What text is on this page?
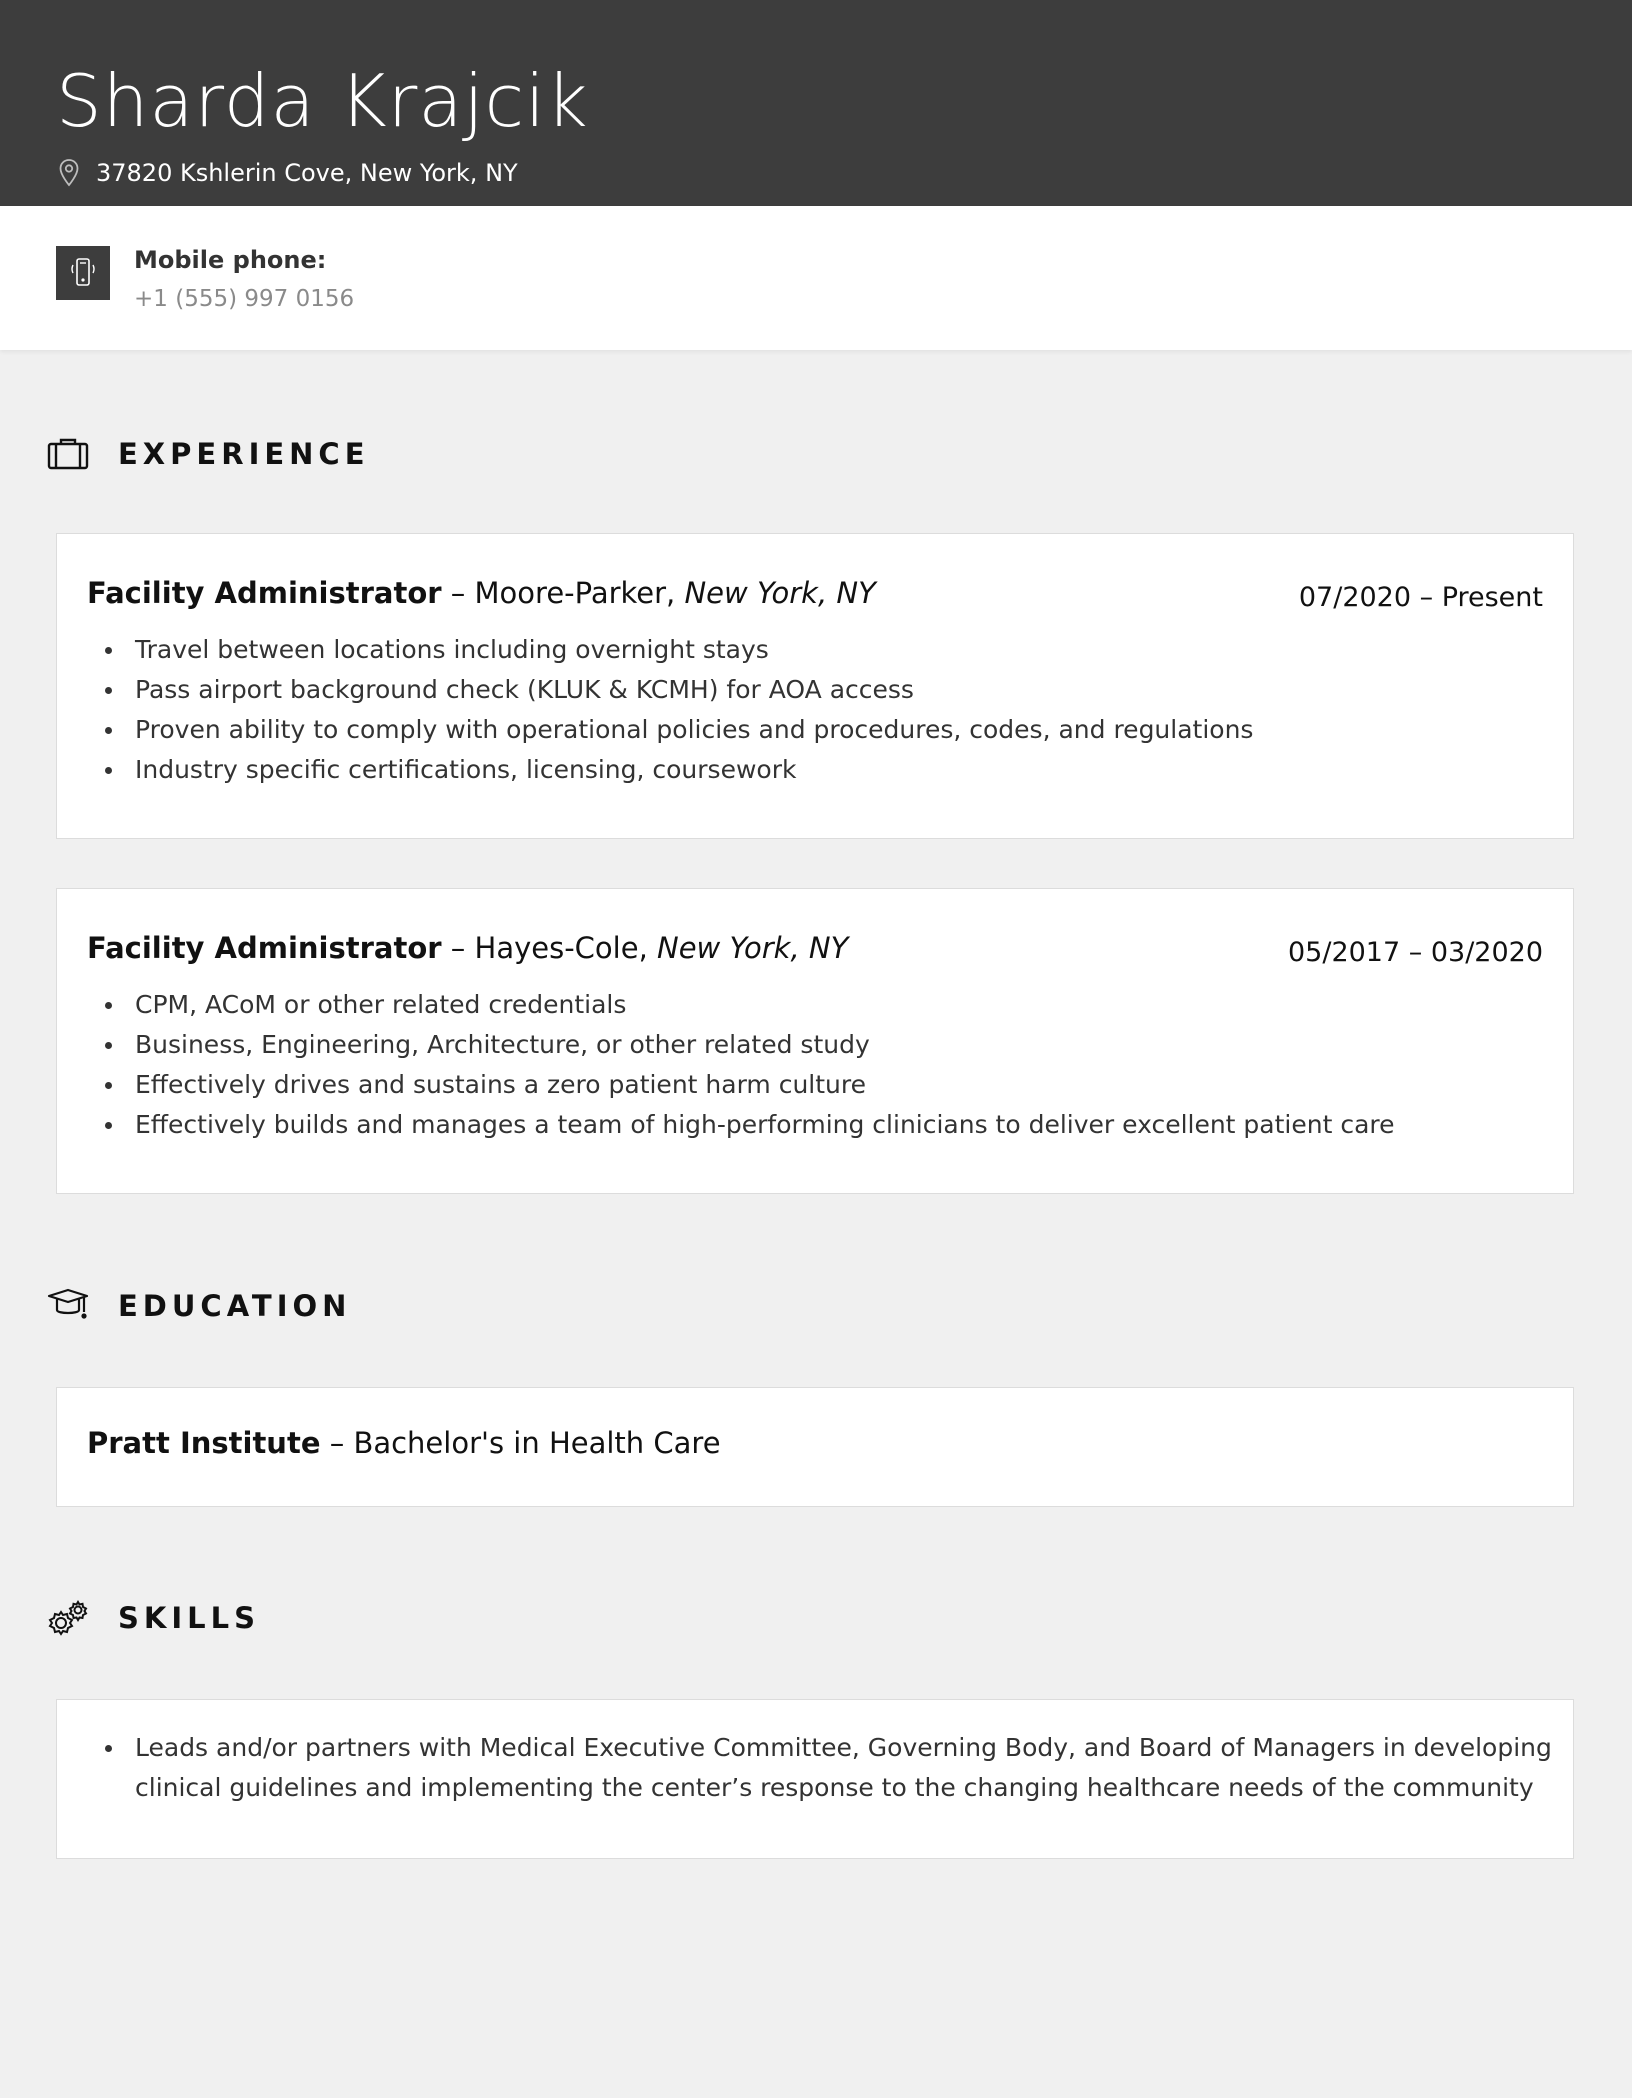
Sharda Krajcik
37820 Kshlerin Cove, New York, NY
Mobile phone:
+1 (555) 997 0156
EXPERIENCE
Facility Administrator – Moore-Parker, New York, NY	07/2020 – Present
Travel between locations including overnight stays
Pass airport background check (KLUK & KCMH) for AOA access
Proven ability to comply with operational policies and procedures, codes, and regulations
Industry specific certifications, licensing, coursework
Facility Administrator – Hayes-Cole, New York, NY	05/2017 – 03/2020
CPM, ACoM or other related credentials
Business, Engineering, Architecture, or other related study
Effectively drives and sustains a zero patient harm culture
Effectively builds and manages a team of high-performing clinicians to deliver excellent patient care
EDUCATION
Pratt Institute – Bachelor's in Health Care
SKILLS
Leads and/or partners with Medical Executive Committee, Governing Body, and Board of Managers in developing clinical guidelines and implementing the center’s response to the changing healthcare needs of the community
